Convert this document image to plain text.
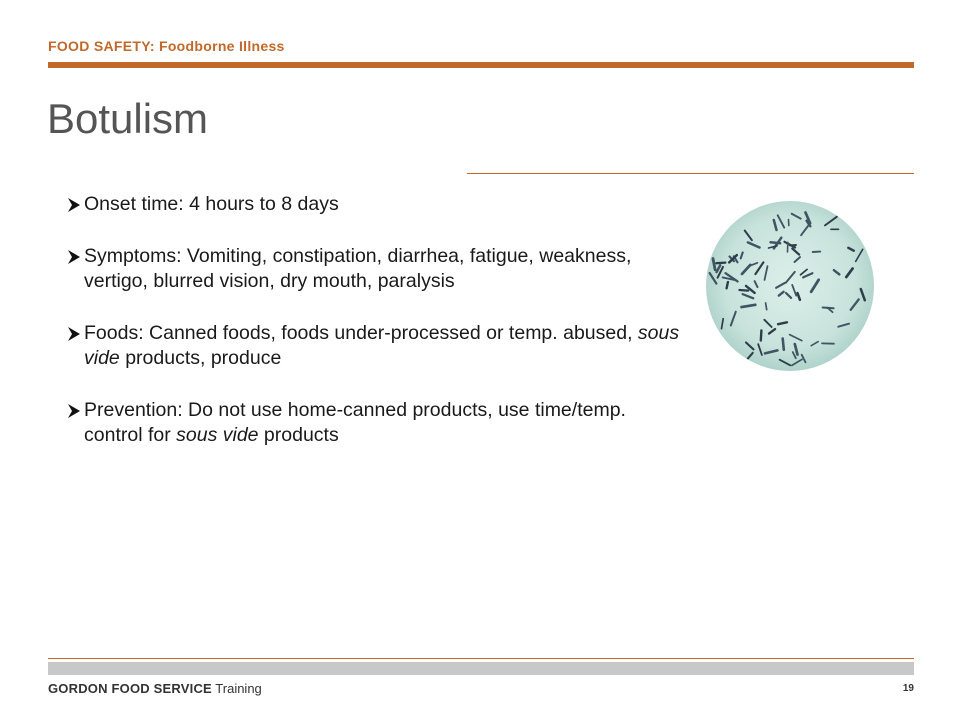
FOOD SAFETY: Foodborne Illness
Botulism
Onset time: 4 hours to 8 days
Symptoms: Vomiting, constipation, diarrhea, fatigue, weakness, vertigo, blurred vision, dry mouth, paralysis
Foods: Canned foods, foods under-processed or temp. abused, sous vide products, produce
Prevention: Do not use home-canned products, use time/temp. control for sous vide products
GORDON FOOD SERVICE Training	19
